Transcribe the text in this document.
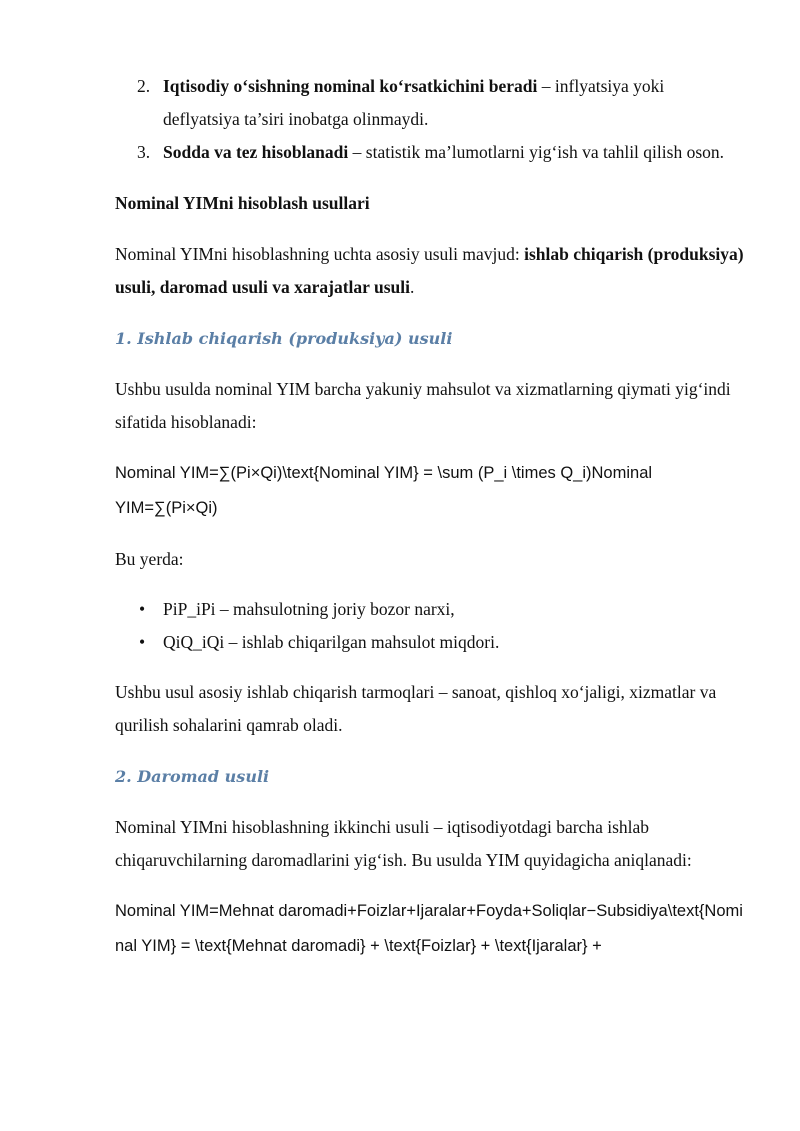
2. Iqtisodiy o‘sishning nominal ko‘rsatkichini beradi – inflyatsiya yoki deflyatsiya ta’siri inobatga olinmaydi.
3. Sodda va tez hisoblanadi – statistik ma’lumotlarni yig‘ish va tahlil qilish oson.

Nominal YIMni hisoblash usullari

Nominal YIMni hisoblashning uchta asosiy usuli mavjud: ishlab chiqarish (produksiya) usuli, daromad usuli va xarajatlar usuli.

1. Ishlab chiqarish (produksiya) usuli

Ushbu usulda nominal YIM barcha yakuniy mahsulot va xizmatlarning qiymati yig‘indi sifatida hisoblanadi:

Nominal YIM=∑(Pi×Qi)\text{Nominal YIM} = \sum (P_i \times Q_i)Nominal YIM=∑(Pi×Qi)

Bu yerda:

•	PiP_iPi – mahsulotning joriy bozor narxi,
•	QiQ_iQi – ishlab chiqarilgan mahsulot miqdori.

Ushbu usul asosiy ishlab chiqarish tarmoqlari – sanoat, qishloq xo‘jaligi, xizmatlar va qurilish sohalarini qamrab oladi.

2. Daromad usuli

Nominal YIMni hisoblashning ikkinchi usuli – iqtisodiyotdagi barcha ishlab chiqaruvchilarning daromadlarini yig‘ish. Bu usulda YIM quyidagicha aniqlanadi:

Nominal YIM=Mehnat daromadi+Foizlar+Ijaralar+Foyda+Soliqlar−Subsidiya\text{Nominal YIM} = \text{Mehnat daromadi} + \text{Foizlar} + \text{Ijaralar} +
